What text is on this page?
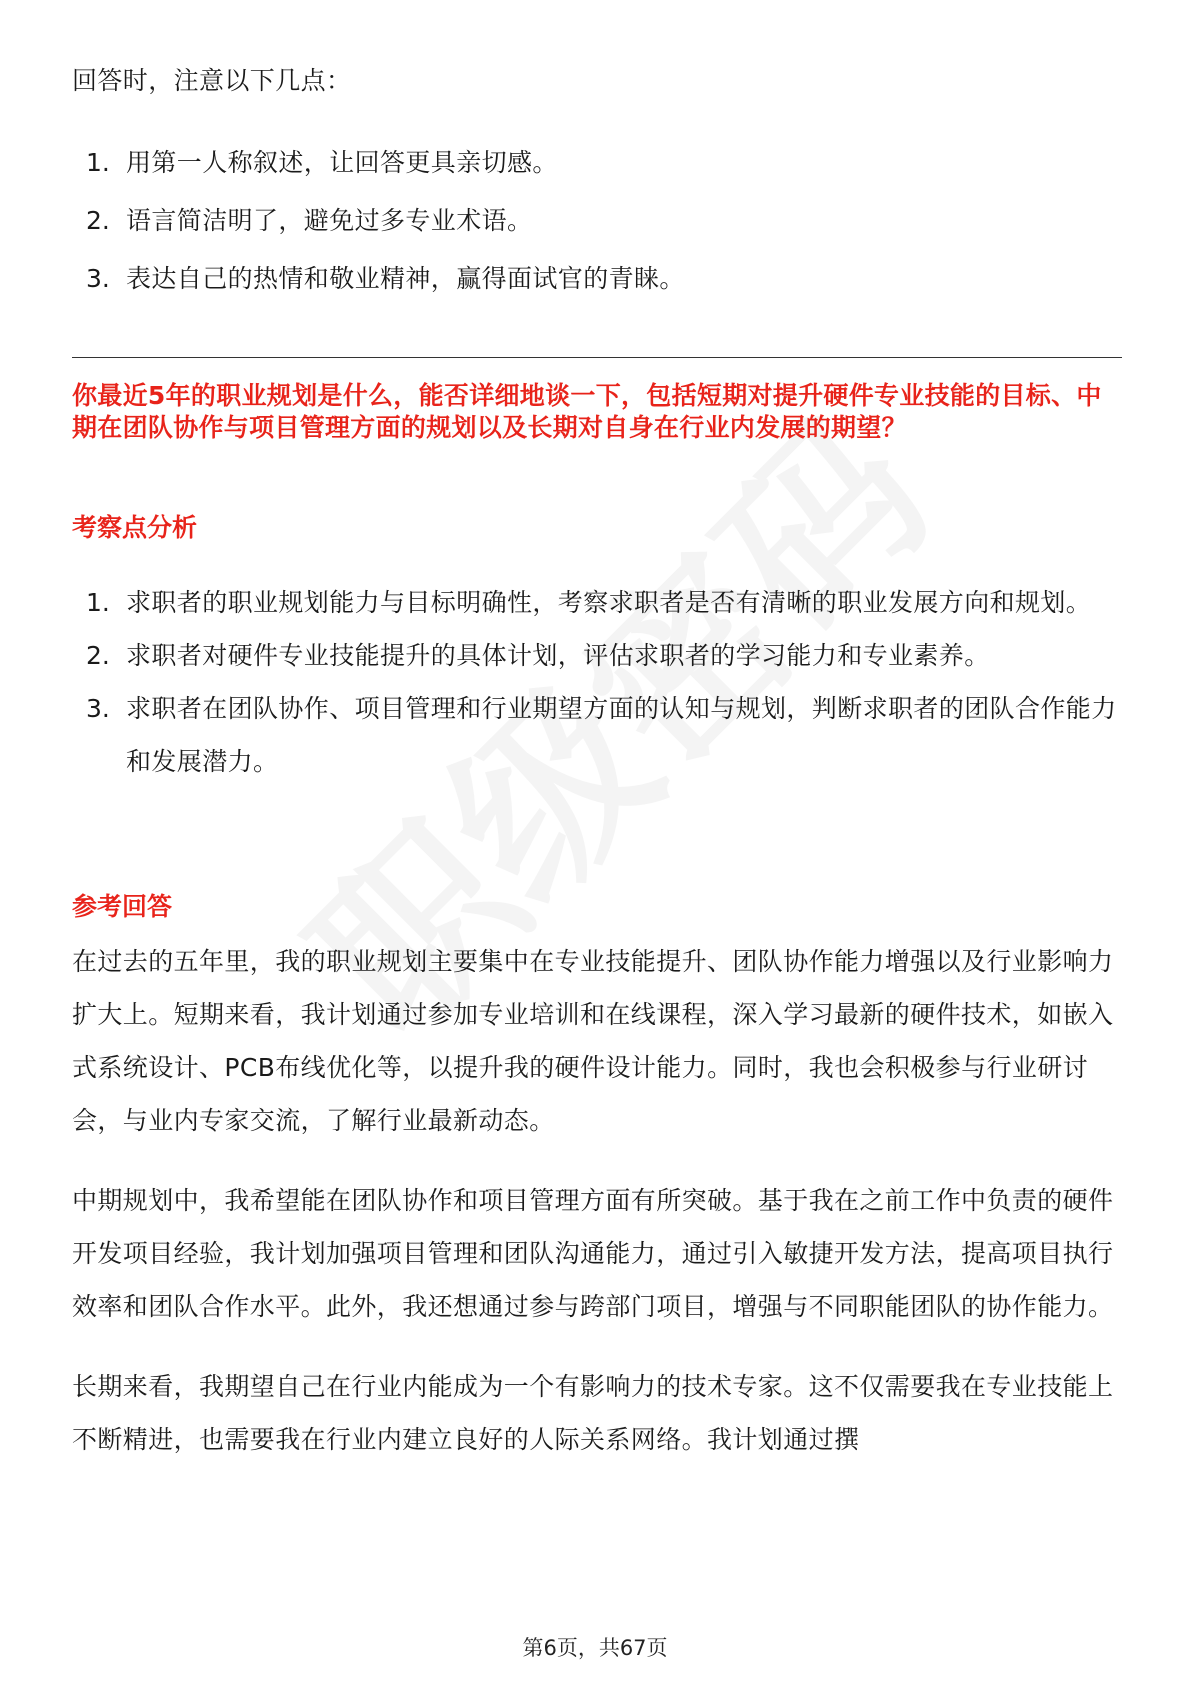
回答时，注意以下几点：
1. 用第一人称叙述，让回答更具亲切感。
2. 语言简洁明了，避免过多专业术语。
3. 表达自己的热情和敬业精神，赢得面试官的青睐。
你最近5年的职业规划是什么，能否详细地谈一下，包括短期对提升硬件专业技能的目标、中期在团队协作与项目管理方面的规划以及长期对自身在行业内发展的期望？
考察点分析
1. 求职者的职业规划能力与目标明确性，考察求职者是否有清晰的职业发展方向和规划。
2. 求职者对硬件专业技能提升的具体计划，评估求职者的学习能力和专业素养。
3. 求职者在团队协作、项目管理和行业期望方面的认知与规划，判断求职者的团队合作能力和发展潜力。
参考回答

在过去的五年里，我的职业规划主要集中在专业技能提升、团队协作能力增强以及行业影响力扩大上。短期来看，我计划通过参加专业培训和在线课程，深入学习最新的硬件技术，如嵌入式系统设计、PCB布线优化等，以提升我的硬件设计能力。同时，我也会积极参与行业研讨会，与业内专家交流，了解行业最新动态。

中期规划中，我希望能在团队协作和项目管理方面有所突破。基于我在之前工作中负责的硬件开发项目经验，我计划加强项目管理和团队沟通能力，通过引入敏捷开发方法，提高项目执行效率和团队合作水平。此外，我还想通过参与跨部门项目，增强与不同职能团队的协作能力。

长期来看，我期望自己在行业内能成为一个有影响力的技术专家。这不仅需要我在专业技能上不断精进，也需要我在行业内建立良好的人际关系网络。我计划通过撰

第6页，共67页
